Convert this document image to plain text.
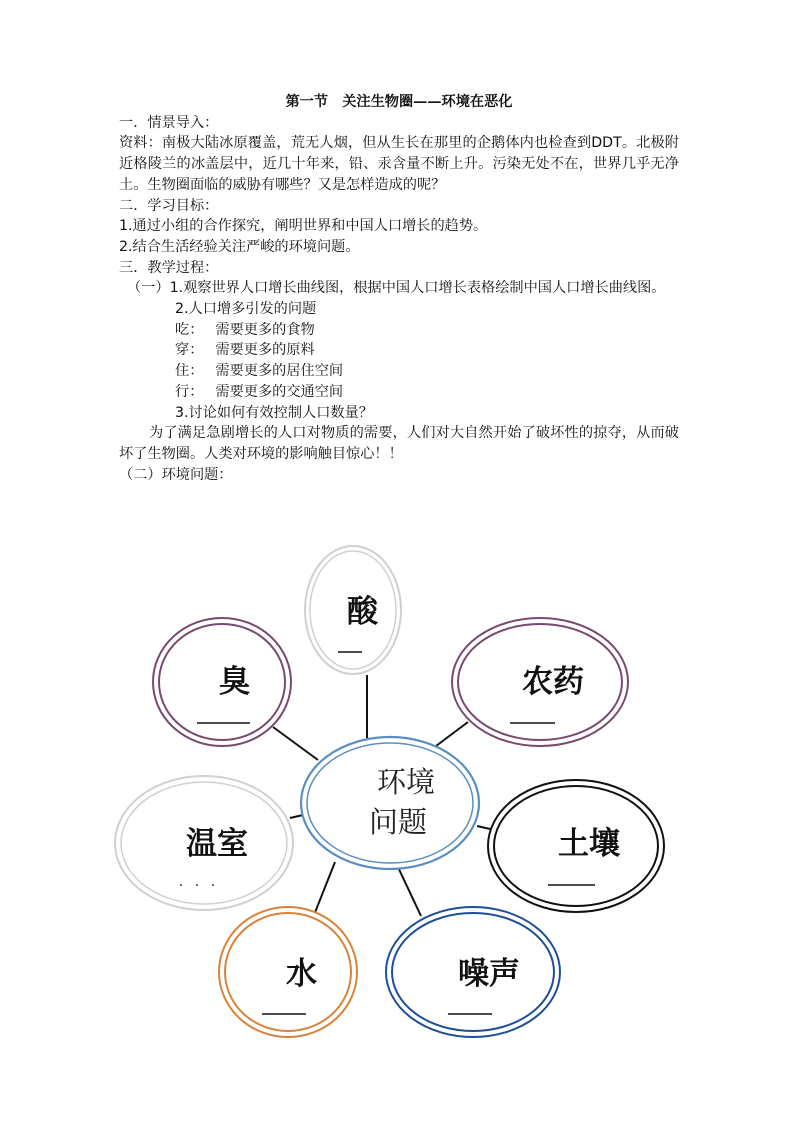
第一节　关注生物圈——环境在恶化
一．情景导入：
资料：南极大陆冰原覆盖，荒无人烟，但从生长在那里的企鹅体内也检查到DDT。北极附近格陵兰的冰盖层中，近几十年来，铅、汞含量不断上升。污染无处不在，世界几乎无净土。生物圈面临的威胁有哪些？又是怎样造成的呢？
二．学习目标：
1.通过小组的合作探究，阐明世界和中国人口增长的趋势。
2.结合生活经验关注严峻的环境问题。
三．教学过程：
（一）1.观察世界人口增长曲线图，根据中国人口增长表格绘制中国人口增长曲线图。
2.人口增多引发的问题
吃： 需要更多的食物
穿： 需要更多的原料
住： 需要更多的居住空间
行： 需要更多的交通空间
3.讨论如何有效控制人口数量？
为了满足急剧增长的人口对物质的需要，人们对大自然开始了破坏性的掠夺，从而破坏了生物圈。人类对环境的影响触目惊心！！
（二）环境问题：
酸
臭	农药
温室	土壤
水	噪声
环境
问题
